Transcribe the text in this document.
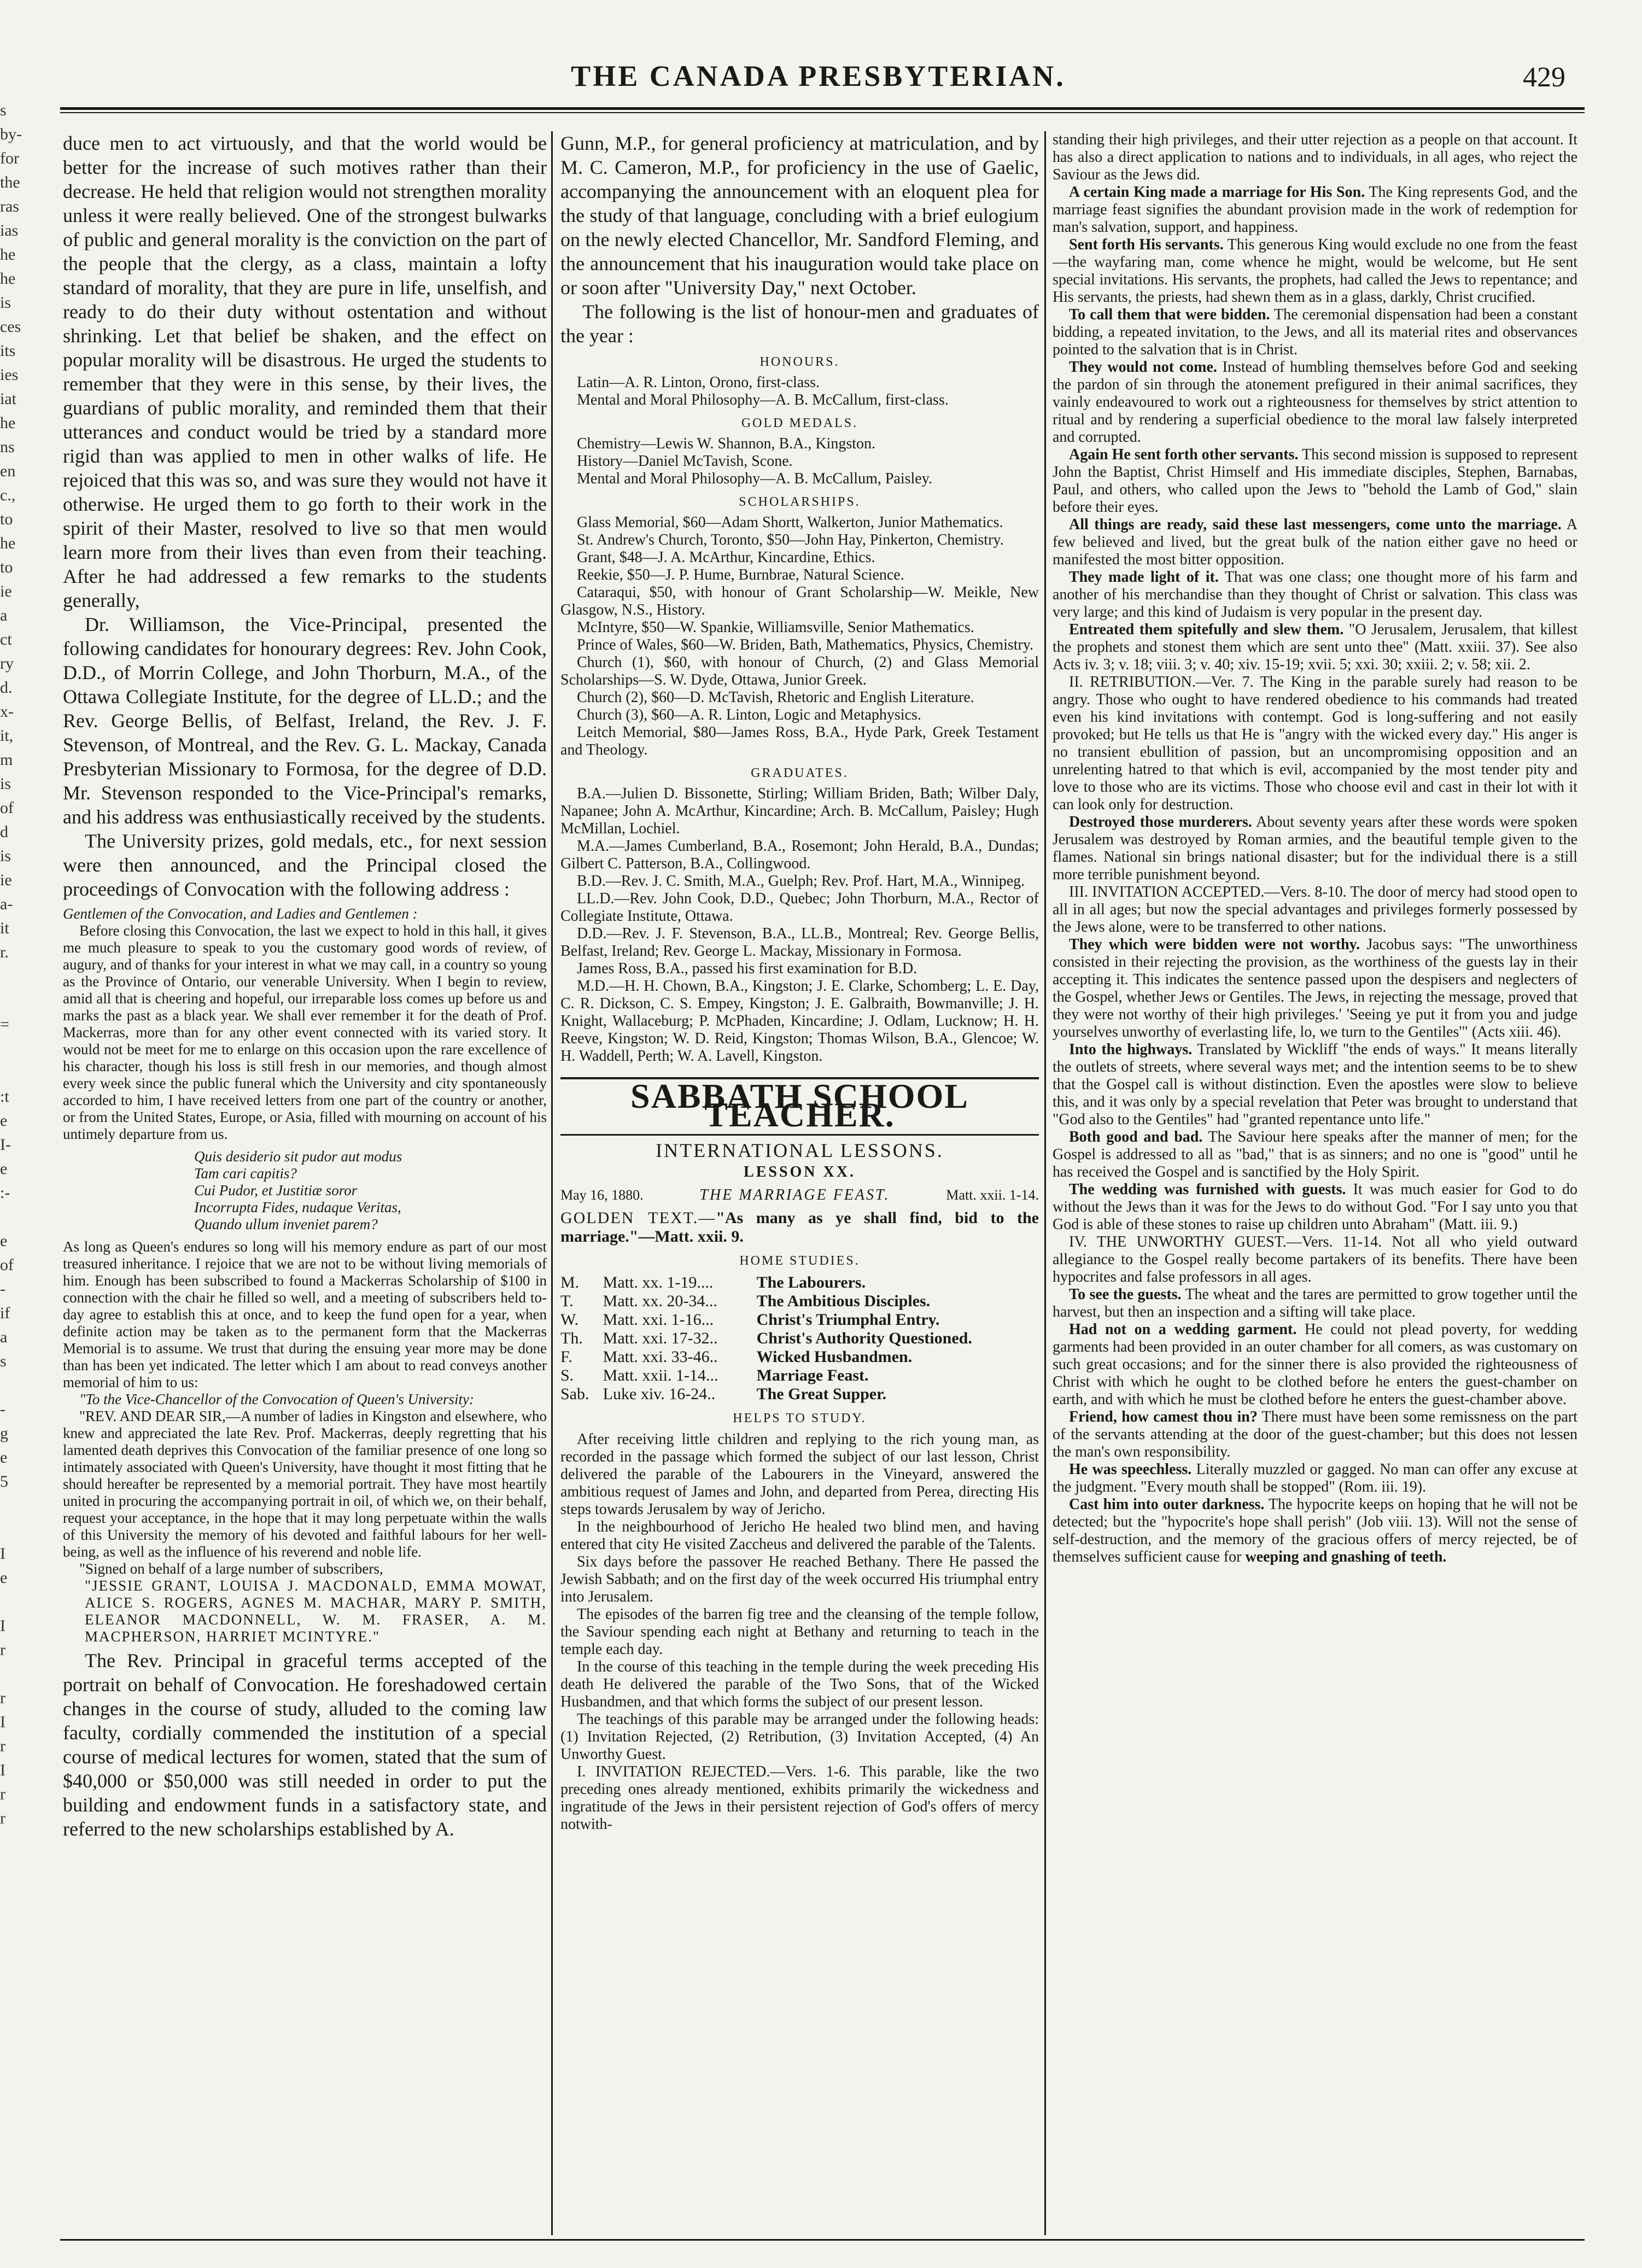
s
by-
for
the
ras
ias
he
he
is
ces
its
ies
iat
he
ns
en
c.,
to
he
to
ie
a
ct
ry
d.
x-
it,
m
is
of
d
is
ie
a-
it
r.
=
:t
e
I-
e
:-
e
of
-
if
a
s
-
g
e
5
I
e
I
r
r
I
r
I
r
r
THE CANADA PRESBYTERIAN.	429

duce men to act virtuously, and that the world would be better for the increase of such motives rather than their decrease. He held that religion would not strengthen morality unless it were really believed. One of the strongest bulwarks of public and general morality is the conviction on the part of the people that the clergy, as a class, maintain a lofty standard of morality, that they are pure in life, unselfish, and ready to do their duty without ostentation and without shrinking. Let that belief be shaken, and the effect on popular morality will be disastrous. He urged the students to remember that they were in this sense, by their lives, the guardians of public morality, and reminded them that their utterances and conduct would be tried by a standard more rigid than was applied to men in other walks of life. He rejoiced that this was so, and was sure they would not have it otherwise. He urged them to go forth to their work in the spirit of their Master, resolved to live so that men would learn more from their lives than even from their teaching. After he had addressed a few remarks to the students generally,

Dr. Williamson, the Vice-Principal, presented the following candidates for honourary degrees: Rev. John Cook, D.D., of Morrin College, and John Thorburn, M.A., of the Ottawa Collegiate Institute, for the degree of LL.D.; and the Rev. George Bellis, of Belfast, Ireland, the Rev. J. F. Stevenson, of Montreal, and the Rev. G. L. Mackay, Canada Presbyterian Missionary to Formosa, for the degree of D.D. Mr. Stevenson responded to the Vice-Principal's remarks, and his address was enthusiastically received by the students.

The University prizes, gold medals, etc., for next session were then announced, and the Principal closed the proceedings of Convocation with the following address :

Gentlemen of the Convocation, and Ladies and Gentlemen :

Before closing this Convocation, the last we expect to hold in this hall, it gives me much pleasure to speak to you the customary good words of review, of augury, and of thanks for your interest in what we may call, in a country so young as the Province of Ontario, our venerable University. When I begin to review, amid all that is cheering and hopeful, our irreparable loss comes up before us and marks the past as a black year. We shall ever remember it for the death of Prof. Mackerras, more than for any other event connected with its varied story. It would not be meet for me to enlarge on this occasion upon the rare excellence of his character, though his loss is still fresh in our memories, and though almost every week since the public funeral which the University and city spontaneously accorded to him, I have received letters from one part of the country or another, or from the United States, Europe, or Asia, filled with mourning on account of his untimely departure from us.

Quis desiderio sit pudor aut modus
Tam cari capitis?
Cui Pudor, et Justitiæ soror
Incorrupta Fides, nudaque Veritas,
Quando ullum inveniet parem?

As long as Queen's endures so long will his memory endure as part of our most treasured inheritance. I rejoice that we are not to be without living memorials of him. Enough has been subscribed to found a Mackerras Scholarship of $100 in connection with the chair he filled so well, and a meeting of subscribers held to-day agree to establish this at once, and to keep the fund open for a year, when definite action may be taken as to the permanent form that the Mackerras Memorial is to assume. We trust that during the ensuing year more may be done than has been yet indicated. The letter which I am about to read conveys another memorial of him to us:

"To the Vice-Chancellor of the Convocation of Queen's University:

"REV. AND DEAR SIR,—A number of ladies in Kingston and elsewhere, who knew and appreciated the late Rev. Prof. Mackerras, deeply regretting that his lamented death deprives this Convocation of the familiar presence of one long so intimately associated with Queen's University, have thought it most fitting that he should hereafter be represented by a memorial portrait. They have most heartily united in procuring the accompanying portrait in oil, of which we, on their behalf, request your acceptance, in the hope that it may long perpetuate within the walls of this University the memory of his devoted and faithful labours for her well-being, as well as the influence of his reverend and noble life.

"Signed on behalf of a large number of subscribers,

"JESSIE GRANT, LOUISA J. MACDONALD, EMMA MOWAT, ALICE S. ROGERS, AGNES M. MACHAR, MARY P. SMITH, ELEANOR MACDONNELL, W. M. FRASER, A. M. MACPHERSON, HARRIET MCINTYRE."

The Rev. Principal in graceful terms accepted of the portrait on behalf of Convocation. He foreshadowed certain changes in the course of study, alluded to the coming law faculty, cordially commended the institution of a special course of medical lectures for women, stated that the sum of $40,000 or $50,000 was still needed in order to put the building and endowment funds in a satisfactory state, and referred to the new scholarships established by A.

Gunn, M.P., for general proficiency at matriculation, and by M. C. Cameron, M.P., for proficiency in the use of Gaelic, accompanying the announcement with an eloquent plea for the study of that language, concluding with a brief eulogium on the newly elected Chancellor, Mr. Sandford Fleming, and the announcement that his inauguration would take place on or soon after "University Day," next October.

The following is the list of honour-men and graduates of the year :

HONOURS.

Latin—A. R. Linton, Orono, first-class.

Mental and Moral Philosophy—A. B. McCallum, first-class.

GOLD MEDALS.

Chemistry—Lewis W. Shannon, B.A., Kingston.

History—Daniel McTavish, Scone.

Mental and Moral Philosophy—A. B. McCallum, Paisley.

SCHOLARSHIPS.

Glass Memorial, $60—Adam Shortt, Walkerton, Junior Mathematics.

St. Andrew's Church, Toronto, $50—John Hay, Pinkerton, Chemistry.

Grant, $48—J. A. McArthur, Kincardine, Ethics.

Reekie, $50—J. P. Hume, Burnbrae, Natural Science.

Cataraqui, $50, with honour of Grant Scholarship—W. Meikle, New Glasgow, N.S., History.

McIntyre, $50—W. Spankie, Williamsville, Senior Mathematics.

Prince of Wales, $60—W. Briden, Bath, Mathematics, Physics, Chemistry.

Church (1), $60, with honour of Church, (2) and Glass Memorial Scholarships—S. W. Dyde, Ottawa, Junior Greek.

Church (2), $60—D. McTavish, Rhetoric and English Literature.

Church (3), $60—A. R. Linton, Logic and Metaphysics.

Leitch Memorial, $80—James Ross, B.A., Hyde Park, Greek Testament and Theology.

GRADUATES.

B.A.—Julien D. Bissonette, Stirling; William Briden, Bath; Wilber Daly, Napanee; John A. McArthur, Kincardine; Arch. B. McCallum, Paisley; Hugh McMillan, Lochiel.

M.A.—James Cumberland, B.A., Rosemont; John Herald, B.A., Dundas; Gilbert C. Patterson, B.A., Collingwood.

B.D.—Rev. J. C. Smith, M.A., Guelph; Rev. Prof. Hart, M.A., Winnipeg.

LL.D.—Rev. John Cook, D.D., Quebec; John Thorburn, M.A., Rector of Collegiate Institute, Ottawa.

D.D.—Rev. J. F. Stevenson, B.A., LL.B., Montreal; Rev. George Bellis, Belfast, Ireland; Rev. George L. Mackay, Missionary in Formosa.

James Ross, B.A., passed his first examination for B.D.

M.D.—H. H. Chown, B.A., Kingston; J. E. Clarke, Schomberg; L. E. Day, C. R. Dickson, C. S. Empey, Kingston; J. E. Galbraith, Bowmanville; J. H. Knight, Wallaceburg; P. McPhaden, Kincardine; J. Odlam, Lucknow; H. H. Reeve, Kingston; W. D. Reid, Kingston; Thomas Wilson, B.A., Glencoe; W. H. Waddell, Perth; W. A. Lavell, Kingston.

SABBATH SCHOOL TEACHER.
INTERNATIONAL LESSONS.
LESSON XX.
May 16, 1880.	THE MARRIAGE FEAST.	Matt. xxii. 1-14.
GOLDEN TEXT.—"As many as ye shall find, bid to the marriage."—Matt. xxii. 9.
HOME STUDIES.
M.	Matt. xx. 1-19....	The Labourers.
T.	Matt. xx. 20-34...	The Ambitious Disciples.
W.	Matt. xxi. 1-16...	Christ's Triumphal Entry.
Th.	Matt. xxi. 17-32..	Christ's Authority Questioned.
F.	Matt. xxi. 33-46..	Wicked Husbandmen.
S.	Matt. xxii. 1-14...	Marriage Feast.
Sab.	Luke xiv. 16-24..	The Great Supper.
HELPS TO STUDY.

After receiving little children and replying to the rich young man, as recorded in the passage which formed the subject of our last lesson, Christ delivered the parable of the Labourers in the Vineyard, answered the ambitious request of James and John, and departed from Perea, directing His steps towards Jerusalem by way of Jericho.

In the neighbourhood of Jericho He healed two blind men, and having entered that city He visited Zaccheus and delivered the parable of the Talents.

Six days before the passover He reached Bethany. There He passed the Jewish Sabbath; and on the first day of the week occurred His triumphal entry into Jerusalem.

The episodes of the barren fig tree and the cleansing of the temple follow, the Saviour spending each night at Bethany and returning to teach in the temple each day.

In the course of this teaching in the temple during the week preceding His death He delivered the parable of the Two Sons, that of the Wicked Husbandmen, and that which forms the subject of our present lesson.

The teachings of this parable may be arranged under the following heads: (1) Invitation Rejected, (2) Retribution, (3) Invitation Accepted, (4) An Unworthy Guest.

I. INVITATION REJECTED.—Vers. 1-6. This parable, like the two preceding ones already mentioned, exhibits primarily the wickedness and ingratitude of the Jews in their persistent rejection of God's offers of mercy notwith-

standing their high privileges, and their utter rejection as a people on that account. It has also a direct application to nations and to individuals, in all ages, who reject the Saviour as the Jews did.

A certain King made a marriage for His Son. The King represents God, and the marriage feast signifies the abundant provision made in the work of redemption for man's salvation, support, and happiness.

Sent forth His servants. This generous King would exclude no one from the feast—the wayfaring man, come whence he might, would be welcome, but He sent special invitations. His servants, the prophets, had called the Jews to repentance; and His servants, the priests, had shewn them as in a glass, darkly, Christ crucified.

To call them that were bidden. The ceremonial dispensation had been a constant bidding, a repeated invitation, to the Jews, and all its material rites and observances pointed to the salvation that is in Christ.

They would not come. Instead of humbling themselves before God and seeking the pardon of sin through the atonement prefigured in their animal sacrifices, they vainly endeavoured to work out a righteousness for themselves by strict attention to ritual and by rendering a superficial obedience to the moral law falsely interpreted and corrupted.

Again He sent forth other servants. This second mission is supposed to represent John the Baptist, Christ Himself and His immediate disciples, Stephen, Barnabas, Paul, and others, who called upon the Jews to "behold the Lamb of God," slain before their eyes.

All things are ready, said these last messengers, come unto the marriage. A few believed and lived, but the great bulk of the nation either gave no heed or manifested the most bitter opposition.

They made light of it. That was one class; one thought more of his farm and another of his merchandise than they thought of Christ or salvation. This class was very large; and this kind of Judaism is very popular in the present day.

Entreated them spitefully and slew them. "O Jerusalem, Jerusalem, that killest the prophets and stonest them which are sent unto thee" (Matt. xxiii. 37). See also Acts iv. 3; v. 18; viii. 3; v. 40; xiv. 15-19; xvii. 5; xxi. 30; xxiii. 2; v. 58; xii. 2.

II. RETRIBUTION.—Ver. 7. The King in the parable surely had reason to be angry. Those who ought to have rendered obedience to his commands had treated even his kind invitations with contempt. God is long-suffering and not easily provoked; but He tells us that He is "angry with the wicked every day." His anger is no transient ebullition of passion, but an uncompromising opposition and an unrelenting hatred to that which is evil, accompanied by the most tender pity and love to those who are its victims. Those who choose evil and cast in their lot with it can look only for destruction.

Destroyed those murderers. About seventy years after these words were spoken Jerusalem was destroyed by Roman armies, and the beautiful temple given to the flames. National sin brings national disaster; but for the individual there is a still more terrible punishment beyond.

III. INVITATION ACCEPTED.—Vers. 8-10. The door of mercy had stood open to all in all ages; but now the special advantages and privileges formerly possessed by the Jews alone, were to be transferred to other nations.

They which were bidden were not worthy. Jacobus says: "The unworthiness consisted in their rejecting the provision, as the worthiness of the guests lay in their accepting it. This indicates the sentence passed upon the despisers and neglecters of the Gospel, whether Jews or Gentiles. The Jews, in rejecting the message, proved that they were not worthy of their high privileges.' 'Seeing ye put it from you and judge yourselves unworthy of everlasting life, lo, we turn to the Gentiles'" (Acts xiii. 46).

Into the highways. Translated by Wickliff "the ends of ways." It means literally the outlets of streets, where several ways met; and the intention seems to be to shew that the Gospel call is without distinction. Even the apostles were slow to believe this, and it was only by a special revelation that Peter was brought to understand that "God also to the Gentiles" had "granted repentance unto life."

Both good and bad. The Saviour here speaks after the manner of men; for the Gospel is addressed to all as "bad," that is as sinners; and no one is "good" until he has received the Gospel and is sanctified by the Holy Spirit.

The wedding was furnished with guests. It was much easier for God to do without the Jews than it was for the Jews to do without God. "For I say unto you that God is able of these stones to raise up children unto Abraham" (Matt. iii. 9.)

IV. THE UNWORTHY GUEST.—Vers. 11-14. Not all who yield outward allegiance to the Gospel really become partakers of its benefits. There have been hypocrites and false professors in all ages.

To see the guests. The wheat and the tares are permitted to grow together until the harvest, but then an inspection and a sifting will take place.

Had not on a wedding garment. He could not plead poverty, for wedding garments had been provided in an outer chamber for all comers, as was customary on such great occasions; and for the sinner there is also provided the righteousness of Christ with which he ought to be clothed before he enters the guest-chamber on earth, and with which he must be clothed before he enters the guest-chamber above.

Friend, how camest thou in? There must have been some remissness on the part of the servants attending at the door of the guest-chamber; but this does not lessen the man's own responsibility.

He was speechless. Literally muzzled or gagged. No man can offer any excuse at the judgment. "Every mouth shall be stopped" (Rom. iii. 19).

Cast him into outer darkness. The hypocrite keeps on hoping that he will not be detected; but the "hypocrite's hope shall perish" (Job viii. 13). Will not the sense of self-destruction, and the memory of the gracious offers of mercy rejected, be of themselves sufficient cause for weeping and gnashing of teeth.
